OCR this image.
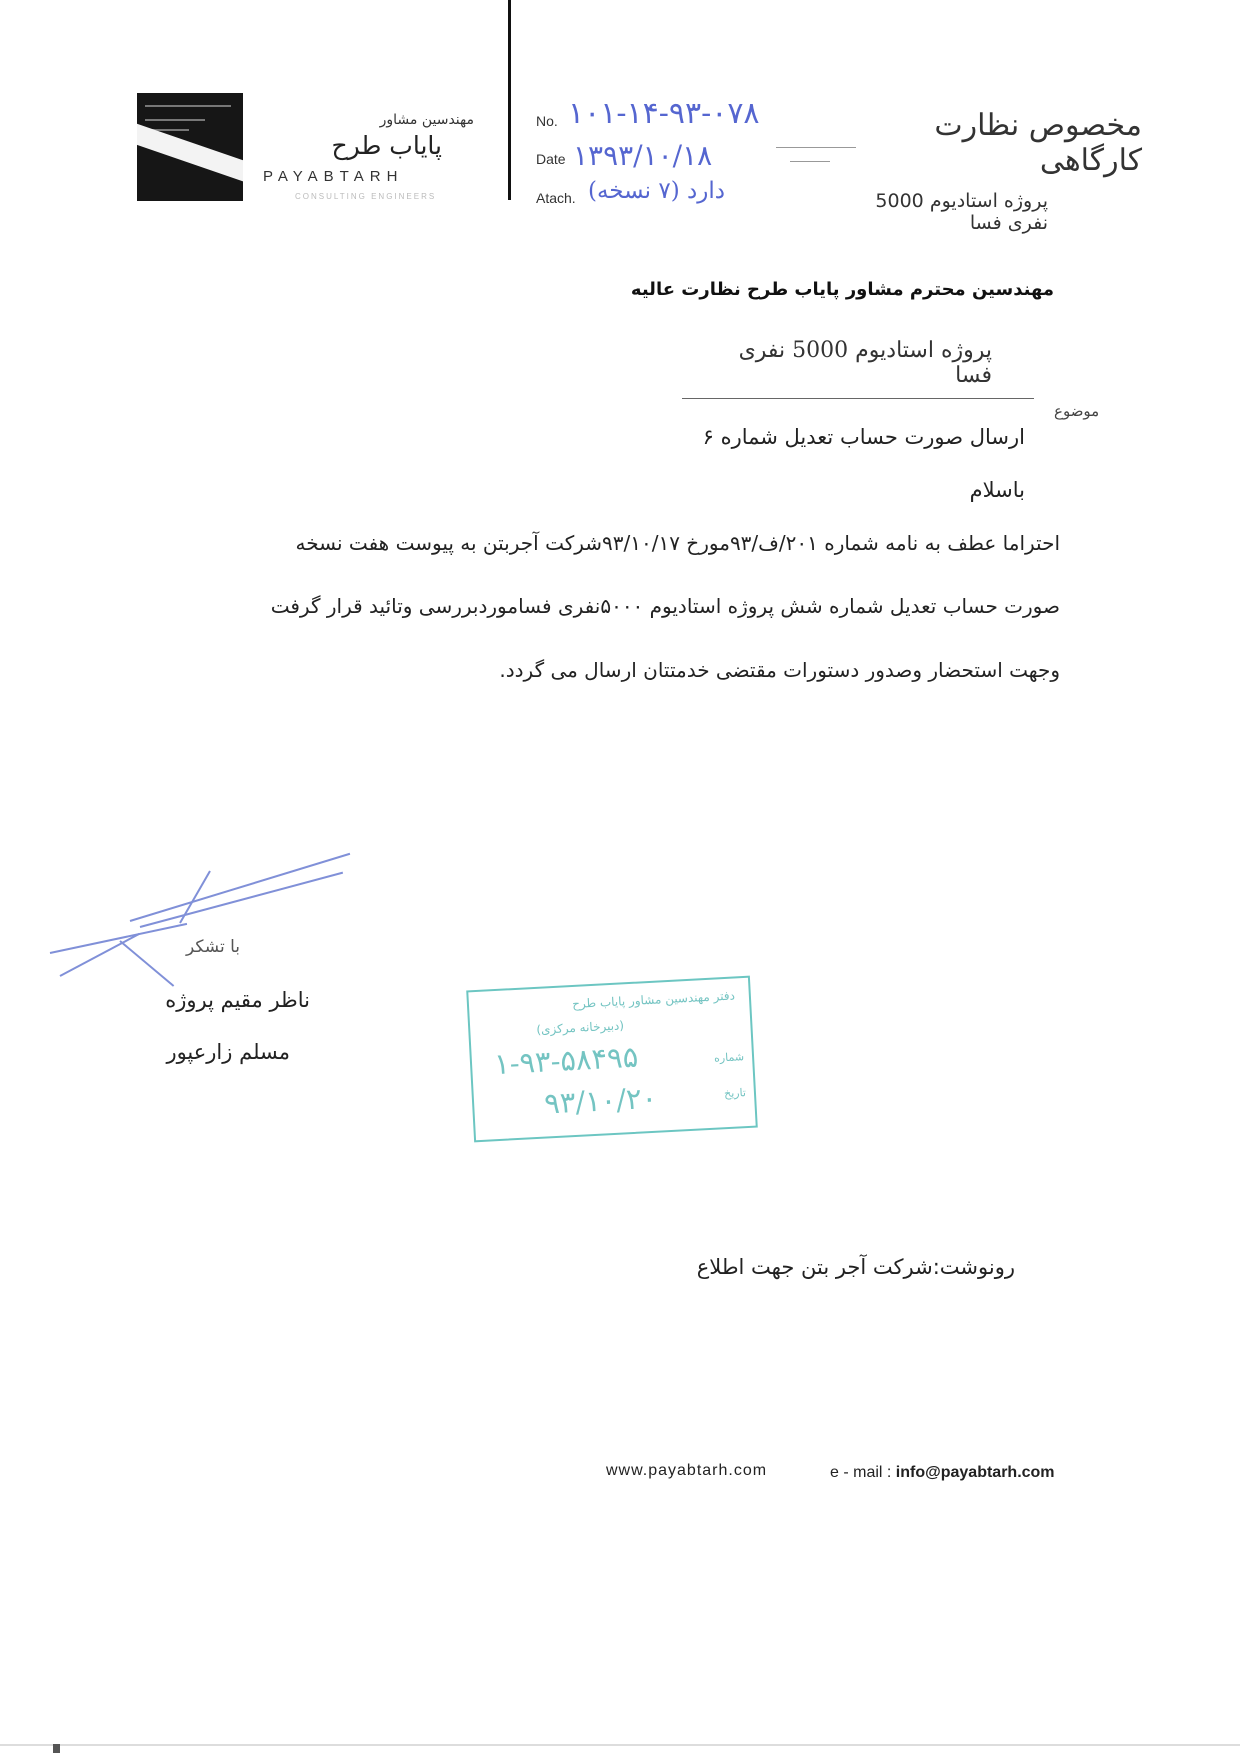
مهندسین مشاور
پایاب طرح
PAYABTARH
CONSULTING ENGINEERS
No. ۱۰۱-۱۴-۹۳-۰۷۸
Date ۱۳۹۳/۱۰/۱۸
Atach. دارد (۷ نسخه)
مخصوص نظارت کارگاهی
پروژه استادیوم 5000 نفری فسا
مهندسین محترم مشاور پایاب طرح نظارت عالیه
پروژه استادیوم 5000 نفری فسا
موضوع
ارسال صورت حساب تعدیل شماره ۶
باسلام
احتراما عطف به نامه شماره ۲۰۱/ف/۹۳مورخ ۹۳/۱۰/۱۷شرکت آجربتن به پیوست هفت نسخه
صورت حساب تعدیل شماره شش پروژه استادیوم ۵۰۰۰نفری فساموردبررسی وتائید قرار گرفت
وجهت استحضار وصدور دستورات مقتضی خدمتتان ارسال می گردد.
با تشکر
ناظر مقیم پروژه
مسلم زارعپور
دفتر مهندسین مشاور پایاب طرح
(دبیرخانه مرکزی)
۱-۹۳-۵۸۴۹۵	شماره
۹۳/۱۰/۲۰	تاریخ
رونوشت:شرکت آجر بتن جهت اطلاع
www.payabtarh.com	e - mail : info@payabtarh.com
